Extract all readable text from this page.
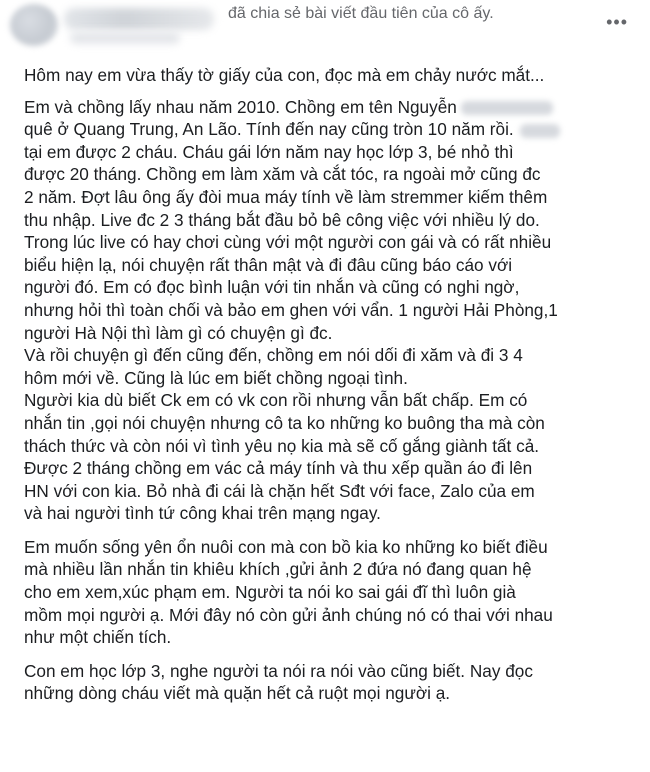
đã chia sẻ bài viết đầu tiên của cô ấy.	•••

Hôm nay em vừa thấy tờ giấy của con, đọc mà em chảy nước mắt...

Em và chồng lấy nhau năm 2010. Chồng em tên Nguyễn
quê ở Quang Trung, An Lão. Tính đến nay cũng tròn 10 năm rồi.
tại em được 2 cháu. Cháu gái lớn năm nay học lớp 3, bé nhỏ thì
được 20 tháng. Chồng em làm xăm và cắt tóc, ra ngoài mở cũng đc
2 năm. Đợt lâu ông ấy đòi mua máy tính về làm stremmer kiếm thêm
thu nhập. Live đc 2 3 tháng bắt đầu bỏ bê công việc với nhiều lý do.
Trong lúc live có hay chơi cùng với một người con gái và có rất nhiều
biểu hiện lạ, nói chuyện rất thân mật và đi đâu cũng báo cáo với
người đó. Em có đọc bình luận với tin nhắn và cũng có nghi ngờ,
nhưng hỏi thì toàn chối và bảo em ghen với vẩn. 1 người Hải Phòng,1
người Hà Nội thì làm gì có chuyện gì đc.
Và rồi chuyện gì đến cũng đến, chồng em nói dối đi xăm và đi 3 4
hôm mới về. Cũng là lúc em biết chồng ngoại tình.
Người kia dù biết Ck em có vk con rồi nhưng vẫn bất chấp. Em có
nhắn tin ,gọi nói chuyện nhưng cô ta ko những ko buông tha mà còn
thách thức và còn nói vì tình yêu nọ kia mà sẽ cố gắng giành tất cả.
Được 2 tháng chồng em vác cả máy tính và thu xếp quần áo đi lên
HN với con kia. Bỏ nhà đi cái là chặn hết Sđt với face, Zalo của em
và hai người tình tứ công khai trên mạng ngay.

Em muốn sống yên ổn nuôi con mà con bồ kia ko những ko biết điều
mà nhiều lần nhắn tin khiêu khích ,gửi ảnh 2 đứa nó đang quan hệ
cho em xem,xúc phạm em. Người ta nói ko sai gái đĩ thì luôn già
mồm mọi người ạ. Mới đây nó còn gửi ảnh chúng nó có thai với nhau
như một chiến tích.

Con em học lớp 3, nghe người ta nói ra nói vào cũng biết. Nay đọc
những dòng cháu viết mà quặn hết cả ruột mọi người ạ.
